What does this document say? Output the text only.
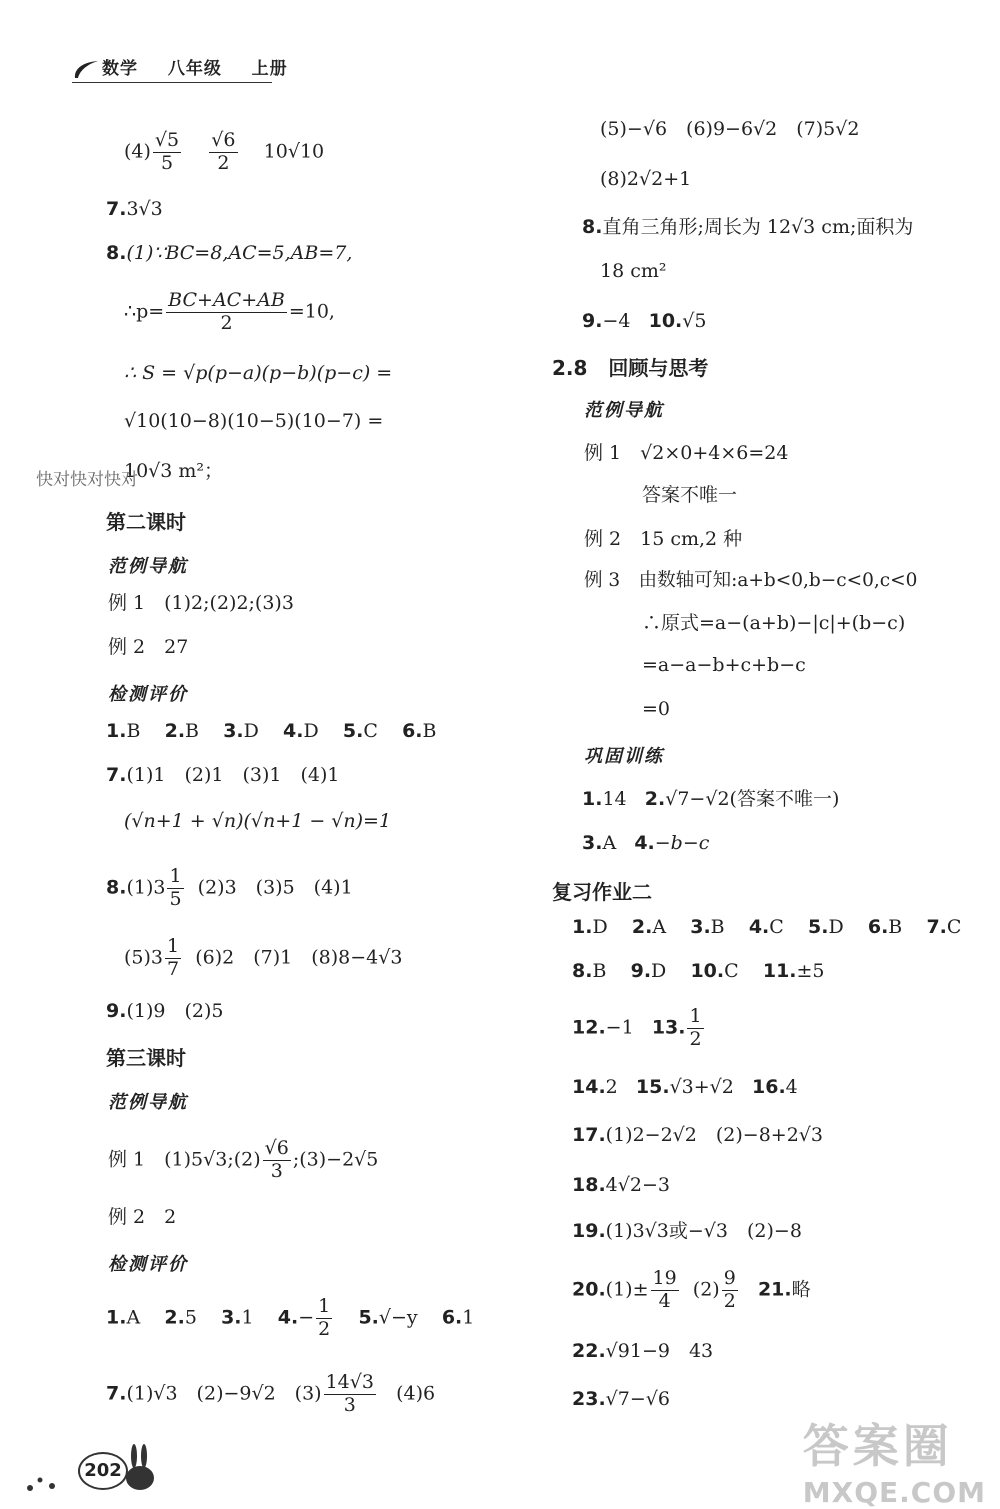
数学  八年级  上册
$(4) \frac{√5}{5}$
$\frac{√6}{2} 10√10$
7.3√3
8.(1)∵BC=8,AC=5,AB=7,
∴p= $\frac{BC+AC+AB}{2} =10$,
∴ S = √p(p−a)(p−b)(p−c) =
√10(10−8)(10−5)(10−7) =
10√3 m²；
快对快对快对
第二课时
范例导航
例 1　(1)2;(2)2;(3)3
例 2　27
检测评价
1.B 2.B 3.D 4.D 5.C 6.B
7.(1)1　(2)1　(3)1　(4)1
(√n+1 + √n)(√n+1 − √n)=1
$8.(1)3 \frac{1}{5} (2)3$　(3)5　(4)1
$(5)3 \frac{1}{7} (6)2$　(7)1　(8)8−4√3
9.(1)9　(2)5
第三课时
范例导航
例 1　(1)5√3;(2) $\frac{√6}{3}$ ;(3)−2√5
例 2　2
检测评价
1.A 2.5 3.1 $4.- \frac{1}{2} 5.√-y$ 6.1
7.(1)√3　(2)−9√2　$(3) \frac{14√3}{3} (4)6$
(5)−√6　(6)9−6√2　(7)5√2
(8)2√2+1
8.直角三角形;周长为 12√3 cm;面积为
18 cm²
9.−4 10.√5
2.8 回顾与思考
范例导航
例 1　√2×0+4×6=24
答案不唯一
例 2　15 cm,2 种
例 3　由数轴可知:a+b<0,b−c<0,c<0
∴原式=a−(a+b)−|c|+(b−c)
=a−a−b+c+b−c
=0
巩固训练
1.14 2.√7−√2(答案不唯一)
3.A 4.−b−c
复习作业二
1.D 2.A 3.B 4.C 5.D 6.B 7.C
8.B 9.D 10.C 11.±5
12.−1 13. $\frac{1}{2}$
14.2 15.√3+√2 16.4
17.(1)2−2√2　(2)−8+2√3
18.4√2−3
19.(1)3√3或−√3　(2)−8
$20.(1)\pm \frac{19}{4} (2) \frac{9}{2} 21$.略
22.√91−9　43
23.√7−√6
202	答案圈
MXQE.COM
